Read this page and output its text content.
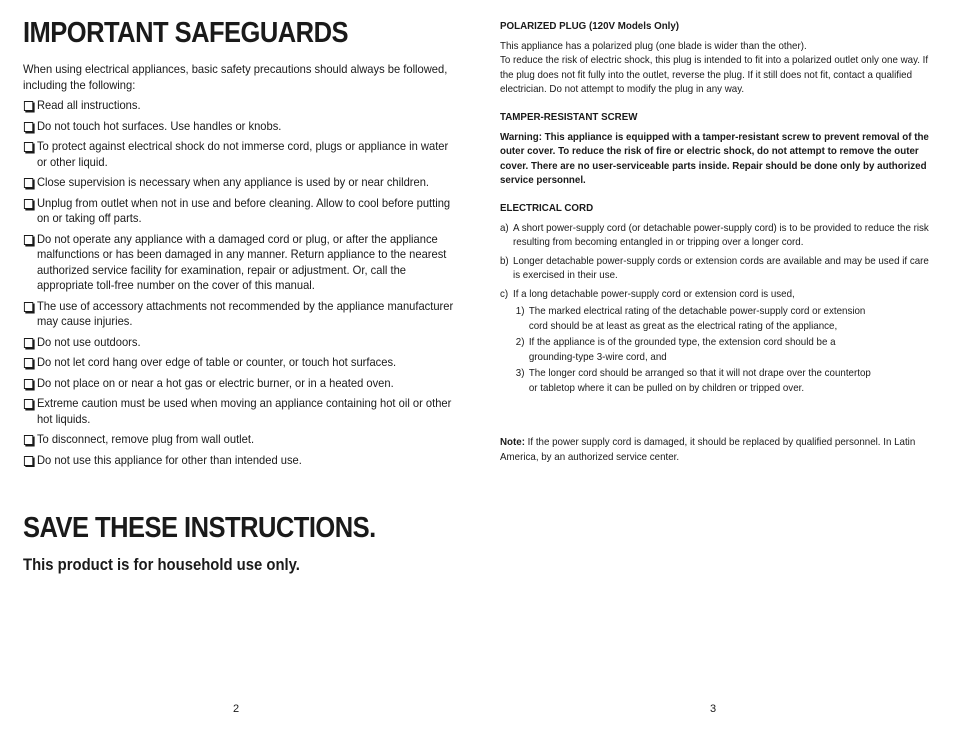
IMPORTANT SAFEGUARDS
When using electrical appliances, basic safety precautions should always be followed, including the following:
Read all instructions.
Do not touch hot surfaces. Use handles or knobs.
To protect against electrical shock do not immerse cord, plugs or appliance in water or other liquid.
Close supervision is necessary when any appliance is used by or near children.
Unplug from outlet when not in use and before cleaning. Allow to cool before putting on or taking off parts.
Do not operate any appliance with a damaged cord or plug, or after the appliance malfunctions or has been damaged in any manner. Return appliance to the nearest authorized service facility for examination, repair or adjustment. Or, call the appropriate toll-free number on the cover of this manual.
The use of accessory attachments not recommended by the appliance manufacturer may cause injuries.
Do not use outdoors.
Do not let cord hang over edge of table or counter, or touch hot surfaces.
Do not place on or near a hot gas or electric burner, or in a heated oven.
Extreme caution must be used when moving an appliance containing hot oil or other hot liquids.
To disconnect, remove plug from wall outlet.
Do not use this appliance for other than intended use.
SAVE THESE INSTRUCTIONS.
This product is for household use only.
2
POLARIZED PLUG (120V Models Only)

This appliance has a polarized plug (one blade is wider than the other).

To reduce the risk of electric shock, this plug is intended to fit into a polarized outlet only one way. If the plug does not fit fully into the outlet, reverse the plug. If it still does not fit, contact a qualified electrician. Do not attempt to modify the plug in any way.

TAMPER-RESISTANT SCREW

Warning: This appliance is equipped with a tamper-resistant screw to prevent removal of the outer cover. To reduce the risk of fire or electric shock, do not attempt to remove the outer cover. There are no user-serviceable parts inside. Repair should be done only by authorized service personnel.

ELECTRICAL CORD
a) A short power-supply cord (or detachable power-supply cord) is to be provided to reduce the risk resulting from becoming entangled in or tripping over a longer cord.
b) Longer detachable power-supply cords or extension cords are available and may be used if care is exercised in their use.
c) If a long detachable power-supply cord or extension cord is used,
1) The marked electrical rating of the detachable power-supply cord or extension cord should be at least as great as the electrical rating of the appliance,
2) If the appliance is of the grounded type, the extension cord should be a grounding-type 3-wire cord, and
3) The longer cord should be arranged so that it will not drape over the countertop or tabletop where it can be pulled on by children or tripped over.

Note: If the power supply cord is damaged, it should be replaced by qualified personnel. In Latin America, by an authorized service center.

3
